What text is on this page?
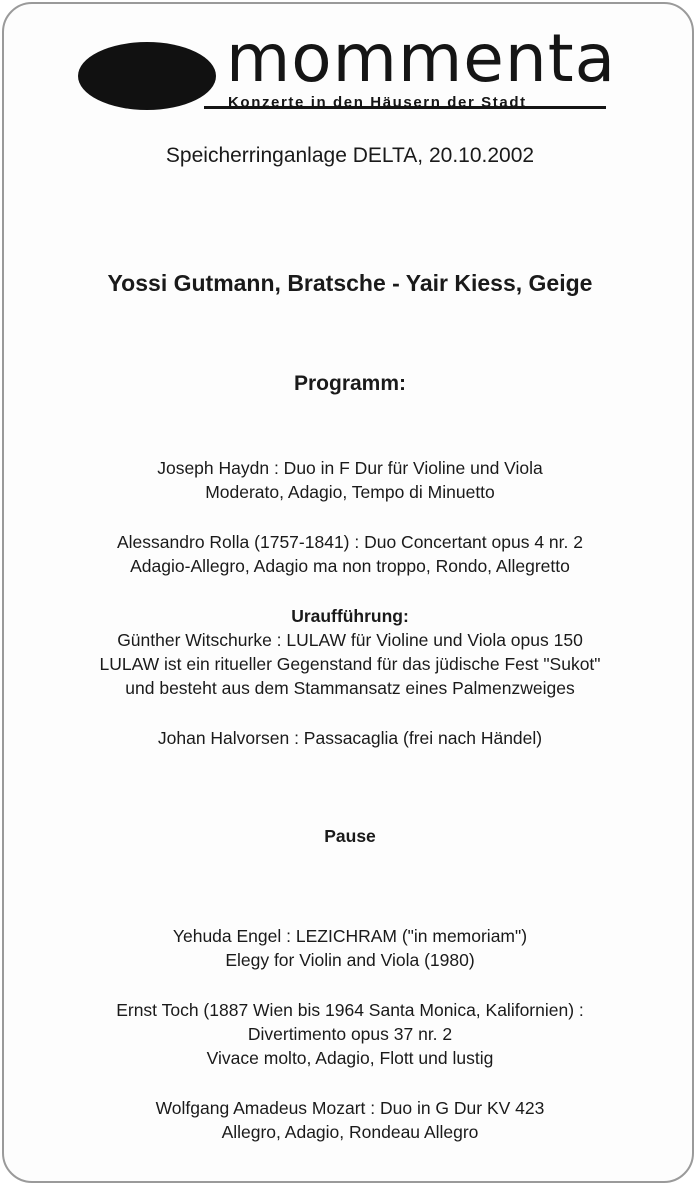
mommenta
Konzerte in den Häusern der Stadt
Speicherringanlage DELTA, 20.10.2002
Yossi Gutmann, Bratsche - Yair Kiess, Geige
Programm:
Joseph Haydn : Duo in F Dur für Violine und Viola
Moderato, Adagio, Tempo di Minuetto
Alessandro Rolla (1757-1841) : Duo Concertant opus 4 nr. 2
Adagio-Allegro, Adagio ma non troppo, Rondo, Allegretto
Uraufführung:
Günther Witschurke : LULAW für Violine und Viola opus 150
LULAW ist ein ritueller Gegenstand für das jüdische Fest "Sukot"
und besteht aus dem Stammansatz eines Palmenzweiges
Johan Halvorsen : Passacaglia (frei nach Händel)
Pause
Yehuda Engel : LEZICHRAM ("in memoriam")
Elegy for Violin and Viola (1980)
Ernst Toch (1887 Wien bis 1964 Santa Monica, Kalifornien) :
Divertimento opus 37 nr. 2
Vivace molto, Adagio, Flott und lustig
Wolfgang Amadeus Mozart : Duo in G Dur KV 423
Allegro, Adagio, Rondeau Allegro
